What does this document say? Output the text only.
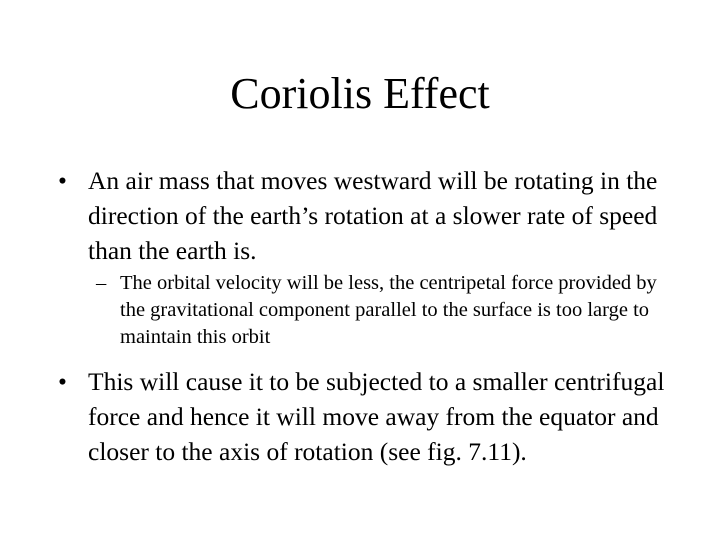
Coriolis Effect
• An air mass that moves westward will be rotating in the direction of the earth’s rotation at a slower rate of speed than the earth is.
– The orbital velocity will be less, the centripetal force provided by the gravitational component parallel to the surface is too large to maintain this orbit
• This will cause it to be subjected to a smaller centrifugal force and hence it will move away from the equator and closer to the axis of rotation (see fig. 7.11).
